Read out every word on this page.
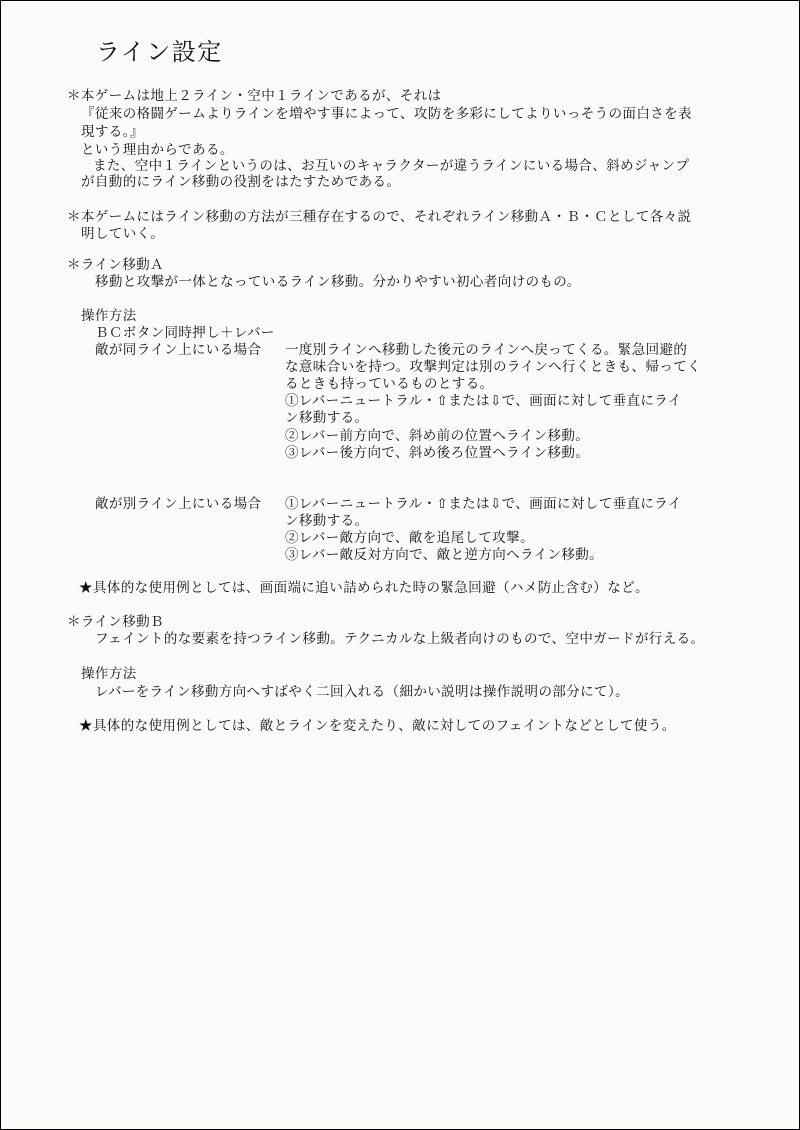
ライン設定
＊本ゲームは地上２ライン・空中１ラインであるが、それは
『従来の格闘ゲームよりラインを増やす事によって、攻防を多彩にしてよりいっそうの面白さを表
現する。』
という理由からである。
また、空中１ラインというのは、お互いのキャラクターが違うラインにいる場合、斜めジャンプ
が自動的にライン移動の役割をはたすためである。
＊本ゲームにはライン移動の方法が三種存在するので、それぞれライン移動Ａ・Ｂ・Ｃとして各々説
明していく。
＊ライン移動Ａ
移動と攻撃が一体となっているライン移動。分かりやすい初心者向けのもの。
操作方法
ＢＣボタン同時押し＋レバー
敵が同ライン上にいる場合 一度別ラインへ移動した後元のラインへ戻ってくる。緊急回避的
な意味合いを持つ。攻撃判定は別のラインへ行くときも、帰ってく
るときも持っているものとする。
①レバーニュートラル・⇧または⇩で、画面に対して垂直にライ
ン移動する。
②レバー前方向で、斜め前の位置へライン移動。
③レバー後方向で、斜め後ろ位置へライン移動。
敵が別ライン上にいる場合 ①レバーニュートラル・⇧または⇩で、画面に対して垂直にライ
ン移動する。
②レバー敵方向で、敵を追尾して攻撃。
③レバー敵反対方向で、敵と逆方向へライン移動。
★具体的な使用例としては、画面端に追い詰められた時の緊急回避（ハメ防止含む）など。
＊ライン移動Ｂ
フェイント的な要素を持つライン移動。テクニカルな上級者向けのもので、空中ガードが行える。
操作方法
レバーをライン移動方向へすばやく二回入れる（細かい説明は操作説明の部分にて）。
★具体的な使用例としては、敵とラインを変えたり、敵に対してのフェイントなどとして使う。
